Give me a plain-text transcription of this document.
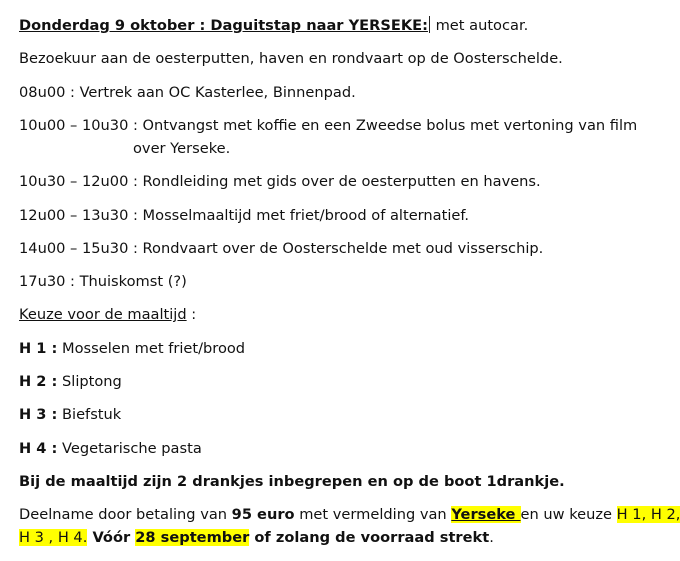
Donderdag 9 oktober : Daguitstap naar YERSEKE: met autocar.
Bezoekuur aan de oesterputten, haven en rondvaart op de Oosterschelde.
08u00 : Vertrek aan OC Kasterlee, Binnenpad.
10u00 – 10u30 : Ontvangst met koffie en een Zweedse bolus met vertoning van film
over Yerseke.
10u30 – 12u00 : Rondleiding met gids over de oesterputten en havens.
12u00 – 13u30 : Mosselmaaltijd met friet/brood of alternatief.
14u00 – 15u30 : Rondvaart over de Oosterschelde met oud visserschip.
17u30 : Thuiskomst (?)
Keuze voor de maaltijd :
H 1 : Mosselen met friet/brood
H 2 : Sliptong
H 3 : Biefstuk
H 4 : Vegetarische pasta
Bij de maaltijd zijn 2 drankjes inbegrepen en op de boot 1drankje.
Deelname door betaling van 95 euro met vermelding van Yerseke en uw keuze H 1, H 2,
H 3 , H 4. Vóór 28 september of zolang de voorraad strekt.
